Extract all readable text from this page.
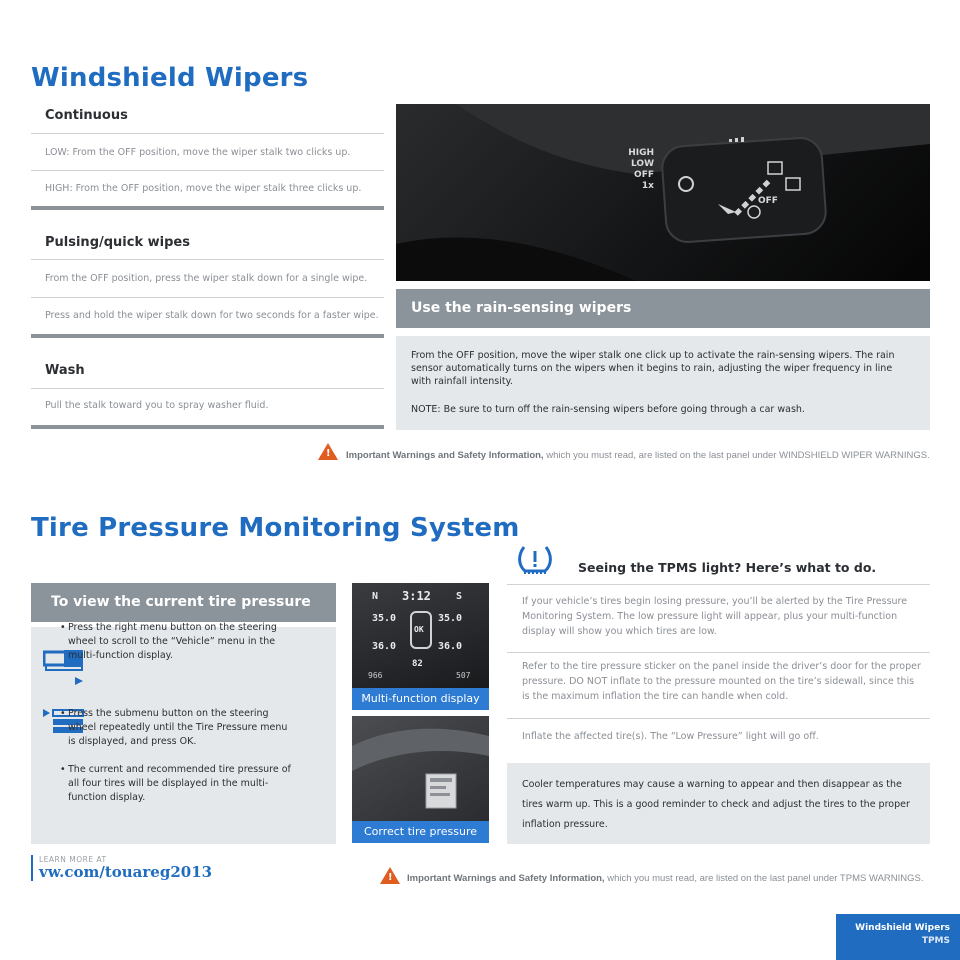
Windshield Wipers
Continuous
LOW: From the OFF position, move the wiper stalk two clicks up.
HIGH: From the OFF position, move the wiper stalk three clicks up.
Pulsing/quick wipes
From the OFF position, press the wiper stalk down for a single wipe.
Press and hold the wiper stalk down for two seconds for a faster wipe.
Wash
Pull the stalk toward you to spray washer fluid.
HIGH
LOW
OFF
1x
OFF
Use the rain-sensing wipers
From the OFF position, move the wiper stalk one click up to activate the rain-sensing wipers. The rain sensor automatically turns on the wipers when it begins to rain, adjusting the wiper frequency in line with rainfall intensity.
NOTE: Be sure to turn off the rain-sensing wipers before going through a car wash.
! Important Warnings and Safety Information, which you must read, are listed on the last panel under WINDSHIELD WIPER WARNINGS.
Tire Pressure Monitoring System
To view the current tire pressure
• Press the right menu button on the steering wheel to scroll to the “Vehicle” menu in the multi-function display.
• Press the submenu button on the steering wheel repeatedly until the Tire Pressure menu is displayed, and press OK.
• The current and recommended tire pressure of all four tires will be displayed in the multi-function display.
N 3:12	S
35.0	35.0
OK
36.0	36.0
82
966	507
Multi-function display
Correct tire pressure
Seeing the TPMS light? Here’s what to do.
If your vehicle’s tires begin losing pressure, you’ll be alerted by the Tire Pressure Monitoring System. The low pressure light will appear, plus your multi-function display will show you which tires are low.
Refer to the tire pressure sticker on the panel inside the driver’s door for the proper pressure. DO NOT inflate to the pressure mounted on the tire’s sidewall, since this is the maximum inflation the tire can handle when cold.
Inflate the affected tire(s). The “Low Pressure” light will go off.
Cooler temperatures may cause a warning to appear and then disappear as the tires warm up. This is a good reminder to check and adjust the tires to the proper inflation pressure.
LEARN MORE AT
vw.com/touareg2013	! Important Warnings and Safety Information, which you must read, are listed on the last panel under TPMS WARNINGS.
Windshield Wipers
TPMS
